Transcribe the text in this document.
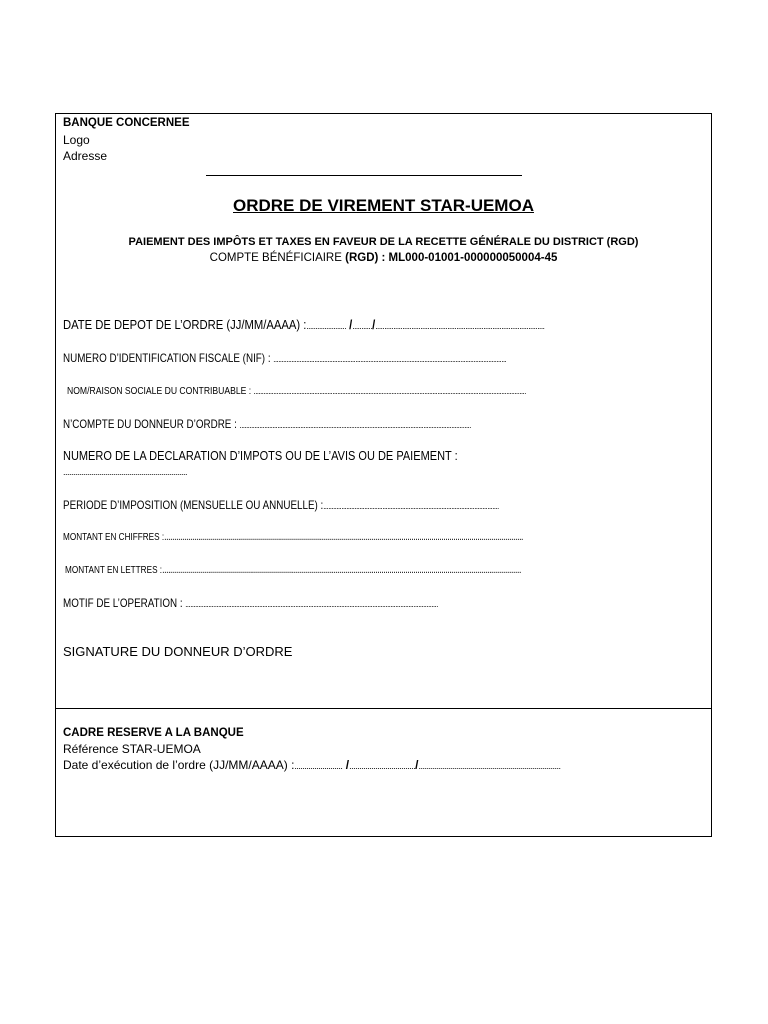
BANQUE CONCERNEE
Logo
Adresse
ORDRE DE VIREMENT STAR-UEMOA
PAIEMENT DES IMPÔTS ET TAXES EN FAVEUR DE LA RECETTE GÉNÉRALE DU DISTRICT (RGD)
COMPTE BÉNÉFICIAIRE (RGD) : ML000-01001-000000050004-45
DATE DE DEPOT DE L’ORDRE (JJ/MM/AAAA) :...................... /.........../..............................................................................................
NUMERO D’IDENTIFICATION FISCALE (NIF) : ..............................................................................................................................................
NOM/RAISON SOCIALE DU CONTRIBUABLE : ......................................................................................................................................................................
N’COMPTE DU DONNEUR D’ORDRE : .............................................................................................................................................
NUMERO DE LA DECLARATION D’IMPOTS OU DE L’AVIS OU DE PAIEMENT :
..............................................................
PERIODE D’IMPOSITION (MENSUELLE OU ANNUELLE) :...........................................................................................................
MONTANT EN CHIFFRES :....................................................................................................................................................................................
MONTANT EN LETTRES :....................................................................................................................................................................................
MOTIF DE L’OPERATION : ..........................................................................................................................................................
SIGNATURE DU DONNEUR D’ORDRE
CADRE RESERVE A LA BANQUE
Référence STAR-UEMOA
Date d’exécution de l’ordre (JJ/MM/AAAA) :........................ /................................./.......................................................................
